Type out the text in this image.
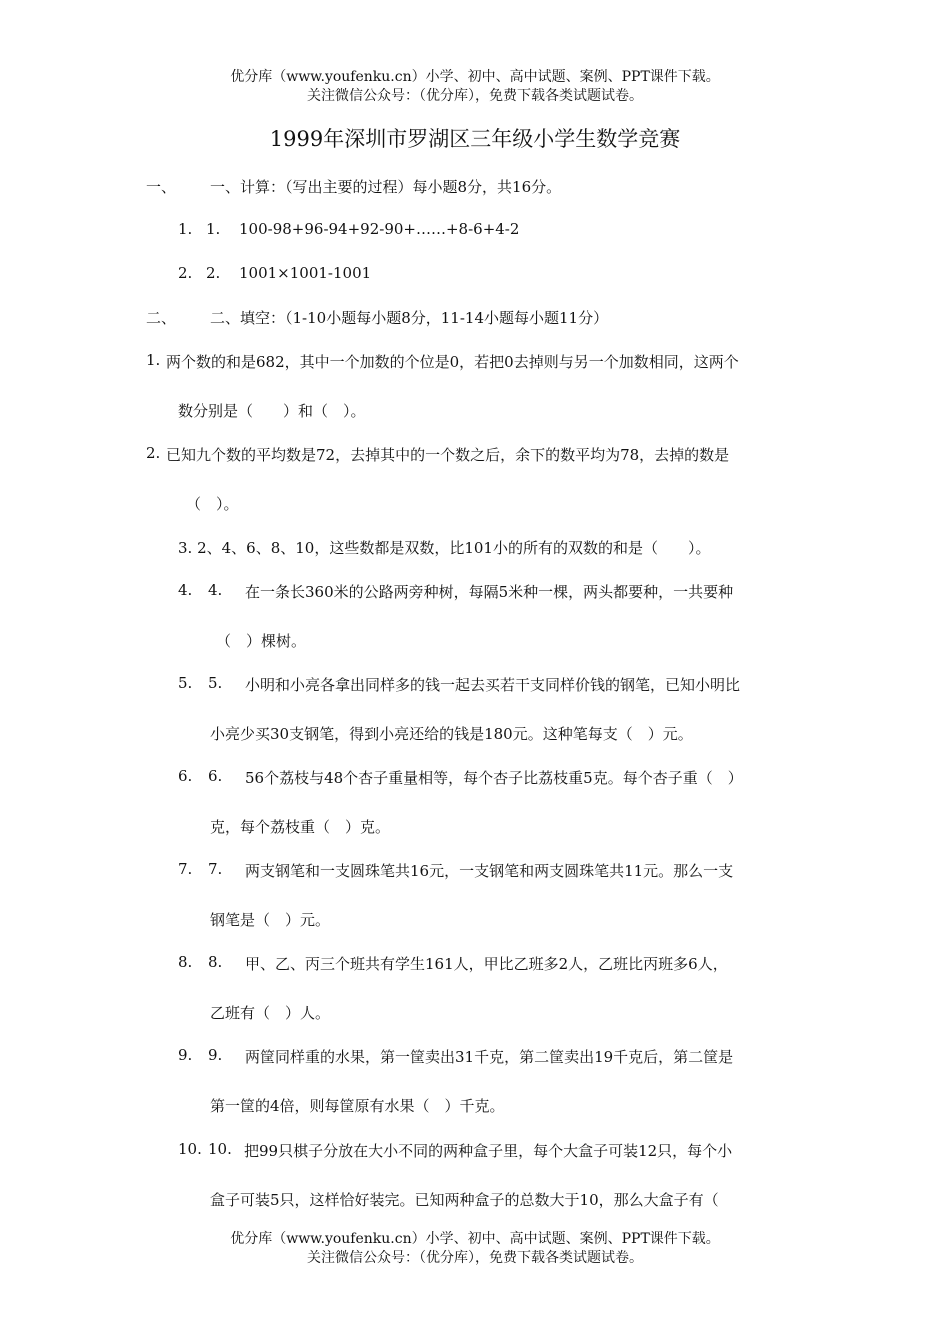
优分库（www.youfenku.cn）小学、初中、高中试题、案例、PPT课件下载。
关注微信公众号：（优分库），免费下载各类试题试卷。
1999年深圳市罗湖区三年级小学生数学竞赛
一、 一、计算：（写出主要的过程）每小题8分，共16分。
1. 1. 100-98+96-94+92-90+……+8-6+4-2
2. 2. 1001×1001-1001
二、 二、填空：（1-10小题每小题8分，11-14小题每小题11分）
1. 两个数的和是682，其中一个加数的个位是0，若把0去掉则与另一个加数相同，这两个
数分别是（　　）和（　）。
2. 已知九个数的平均数是72，去掉其中的一个数之后，余下的数平均为78，去掉的数是
（　）。
3. 2、4、6、8、10，这些数都是双数，比101小的所有的双数的和是（　　）。
4. 4. 在一条长360米的公路两旁种树，每隔5米种一棵，两头都要种，一共要种
（　）棵树。
5. 5. 小明和小亮各拿出同样多的钱一起去买若干支同样价钱的钢笔，已知小明比
小亮少买30支钢笔，得到小亮还给的钱是180元。这种笔每支（　）元。
6. 6. 56个荔枝与48个杏子重量相等，每个杏子比荔枝重5克。每个杏子重（　）
克，每个荔枝重（　）克。
7. 7. 两支钢笔和一支圆珠笔共16元，一支钢笔和两支圆珠笔共11元。那么一支
钢笔是（　）元。
8. 8. 甲、乙、丙三个班共有学生161人，甲比乙班多2人，乙班比丙班多6人，
乙班有（　）人。
9. 9. 两筐同样重的水果，第一筐卖出31千克，第二筐卖出19千克后，第二筐是
第一筐的4倍，则每筐原有水果（　）千克。
10. 10. 把99只棋子分放在大小不同的两种盒子里，每个大盒子可装12只，每个小
盒子可装5只，这样恰好装完。已知两种盒子的总数大于10，那么大盒子有（
优分库（www.youfenku.cn）小学、初中、高中试题、案例、PPT课件下载。
关注微信公众号：（优分库），免费下载各类试题试卷。
